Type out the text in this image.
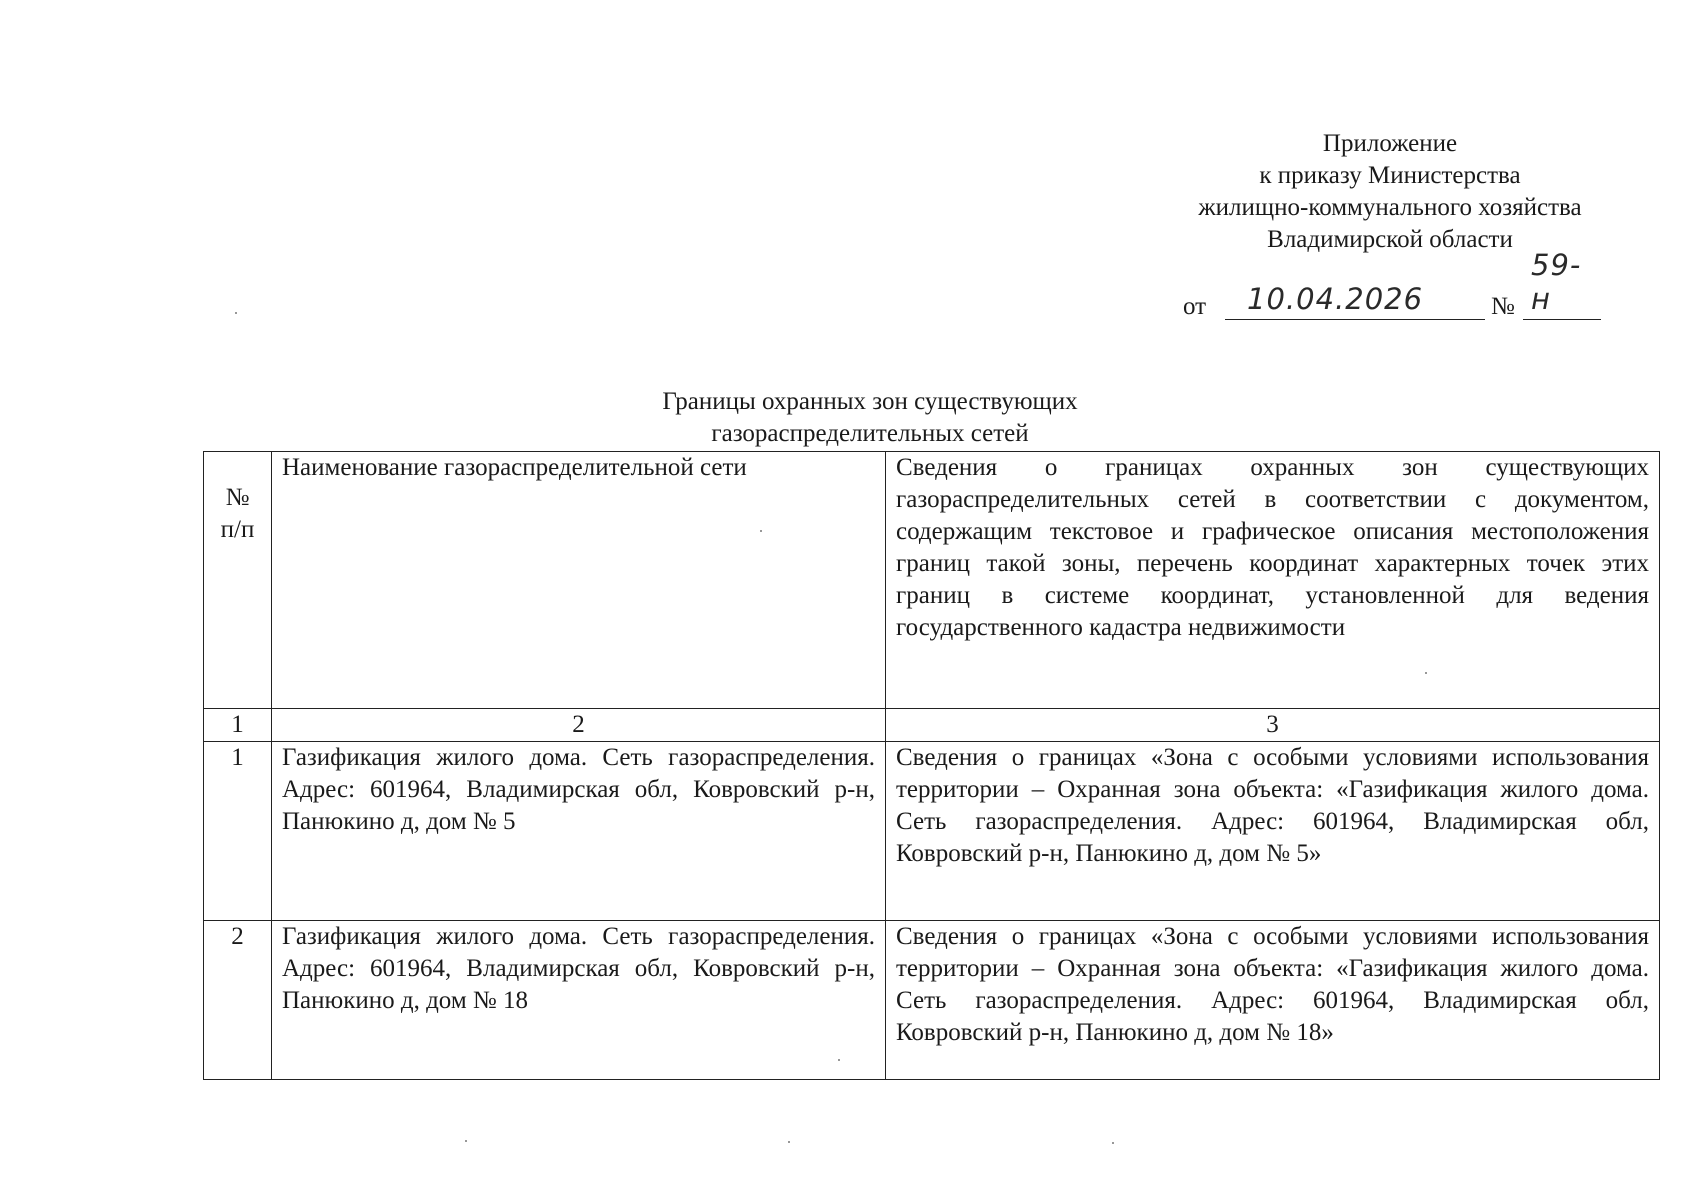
Приложение
к приказу Министерства
жилищно-коммунального хозяйства
Владимирской области
от 10.04.2026	№
59-н
Границы охранных зон существующих
газораспределительных сетей
№ п/п	Наименование газораспределительной сети	Сведения о границах охранных зон существующих газораспределительных сетей в соответствии с документом, содержащим текстовое и графическое описания местоположения границ такой зоны, перечень координат характерных точек этих границ в системе координат, установленной для ведения государственного кадастра недвижимости
1	2	3
1	Газификация жилого дома. Сеть газораспределения. Адрес: 601964, Владимирская обл, Ковровский р-н, Панюкино д, дом № 5	Сведения о границах «Зона с особыми условиями использования территории – Охранная зона объекта: «Газификация жилого дома. Сеть газораспределения. Адрес: 601964, Владимирская обл, Ковровский р-н, Панюкино д, дом № 5»
2	Газификация жилого дома. Сеть газораспределения. Адрес: 601964, Владимирская обл, Ковровский р-н, Панюкино д, дом № 18	Сведения о границах «Зона с особыми условиями использования территории – Охранная зона объекта: «Газификация жилого дома. Сеть газораспределения. Адрес: 601964, Владимирская обл, Ковровский р-н, Панюкино д, дом № 18»
